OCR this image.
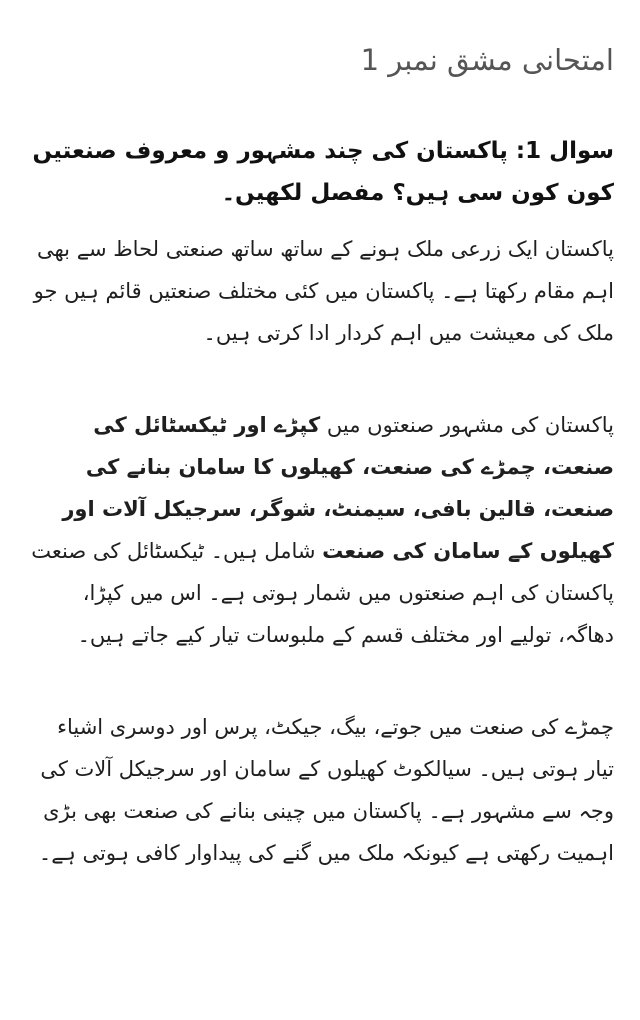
امتحانی مشق نمبر 1
سوال 1: پاکستان کی چند مشہور و معروف صنعتیں کون کون سی ہیں؟ مفصل لکھیں۔

پاکستان ایک زرعی ملک ہونے کے ساتھ ساتھ صنعتی لحاظ سے بھی اہم مقام رکھتا ہے۔ پاکستان میں کئی مختلف صنعتیں قائم ہیں جو ملک کی معیشت میں اہم کردار ادا کرتی ہیں۔

پاکستان کی مشہور صنعتوں میں کپڑے اور ٹیکسٹائل کی صنعت، چمڑے کی صنعت، کھیلوں کا سامان بنانے کی صنعت، قالین بافی، سیمنٹ، شوگر، سرجیکل آلات اور کھیلوں کے سامان کی صنعت شامل ہیں۔ ٹیکسٹائل کی صنعت پاکستان کی اہم صنعتوں میں شمار ہوتی ہے۔ اس میں کپڑا، دھاگہ، تولیے اور مختلف قسم کے ملبوسات تیار کیے جاتے ہیں۔

چمڑے کی صنعت میں جوتے، بیگ، جیکٹ، پرس اور دوسری اشیاء تیار ہوتی ہیں۔ سیالکوٹ کھیلوں کے سامان اور سرجیکل آلات کی وجہ سے مشہور ہے۔ پاکستان میں چینی بنانے کی صنعت بھی بڑی اہمیت رکھتی ہے کیونکہ ملک میں گنے کی پیداوار کافی ہوتی ہے۔
